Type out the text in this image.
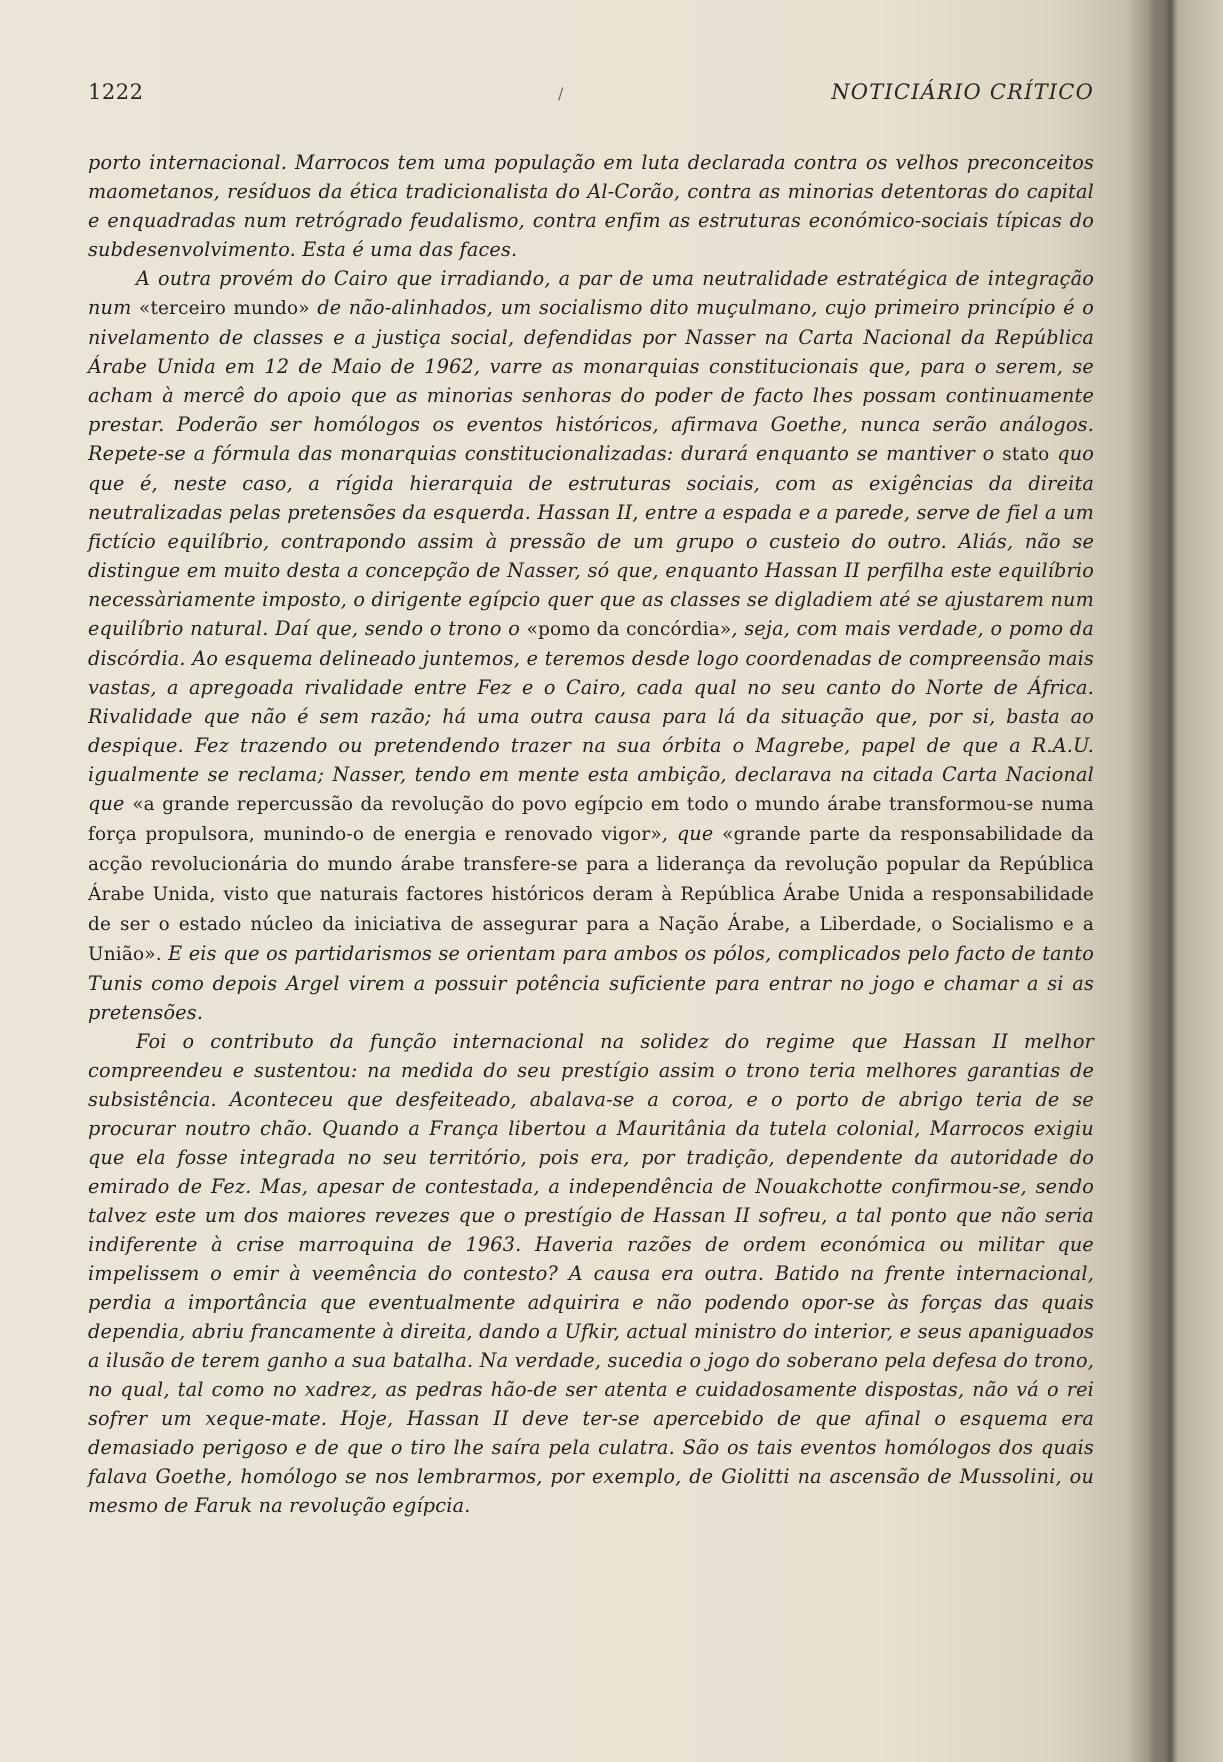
1222	/	NOTICIÁRIO CRÍTICO

porto internacional. Marrocos tem uma população em luta declarada contra os velhos preconceitos maometanos, resíduos da ética tradicionalista do Al-Corão, contra as minorias detentoras do capital e enquadradas num retrógrado feudalismo, contra enfim as estruturas económico-sociais típicas do subdesenvolvimento. Esta é uma das faces.

A outra provém do Cairo que irradiando, a par de uma neutralidade estratégica de integração num «terceiro mundo» de não-alinhados, um socialismo dito muçulmano, cujo primeiro princípio é o nivelamento de classes e a justiça social, defendidas por Nasser na Carta Nacional da República Árabe Unida em 12 de Maio de 1962, varre as monarquias constitucionais que, para o serem, se acham à mercê do apoio que as minorias senhoras do poder de facto lhes possam continuamente prestar. Poderão ser homólogos os eventos históricos, afirmava Goethe, nunca serão análogos. Repete-se a fórmula das monarquias constitucionalizadas: durará enquanto se mantiver o stato quo que é, neste caso, a rígida hierarquia de estruturas sociais, com as exigências da direita neutralizadas pelas pretensões da esquerda. Hassan II, entre a espada e a parede, serve de fiel a um fictício equilíbrio, contrapondo assim à pressão de um grupo o custeio do outro. Aliás, não se distingue em muito desta a concepção de Nasser, só que, enquanto Hassan II perfilha este equilíbrio necessàriamente imposto, o dirigente egípcio quer que as classes se digladiem até se ajustarem num equilíbrio natural. Daí que, sendo o trono o «pomo da concórdia», seja, com mais verdade, o pomo da discórdia. Ao esquema delineado juntemos, e teremos desde logo coordenadas de compreensão mais vastas, a apregoada rivalidade entre Fez e o Cairo, cada qual no seu canto do Norte de África. Rivalidade que não é sem razão; há uma outra causa para lá da situação que, por si, basta ao despique. Fez trazendo ou pretendendo trazer na sua órbita o Magrebe, papel de que a R.A.U. igualmente se reclama; Nasser, tendo em mente esta ambição, declarava na citada Carta Nacional que «a grande repercussão da revolução do povo egípcio em todo o mundo árabe transformou-se numa força propulsora, munindo-o de energia e renovado vigor», que «grande parte da responsabilidade da acção revolucionária do mundo árabe transfere-se para a liderança da revolução popular da República Árabe Unida, visto que naturais factores históricos deram à República Árabe Unida a responsabilidade de ser o estado núcleo da iniciativa de assegurar para a Nação Árabe, a Liberdade, o Socialismo e a União». E eis que os partidarismos se orientam para ambos os pólos, complicados pelo facto de tanto Tunis como depois Argel virem a possuir potência suficiente para entrar no jogo e chamar a si as pretensões.

Foi o contributo da função internacional na solidez do regime que Hassan II melhor compreendeu e sustentou: na medida do seu prestígio assim o trono teria melhores garantias de subsistência. Aconteceu que desfeiteado, abalava-se a coroa, e o porto de abrigo teria de se procurar noutro chão. Quando a França libertou a Mauritânia da tutela colonial, Marrocos exigiu que ela fosse integrada no seu território, pois era, por tradição, dependente da autoridade do emirado de Fez. Mas, apesar de contestada, a independência de Nouakchotte confirmou-se, sendo talvez este um dos maiores revezes que o prestígio de Hassan II sofreu, a tal ponto que não seria indiferente à crise marroquina de 1963. Haveria razões de ordem económica ou militar que impelissem o emir à veemência do contesto? A causa era outra. Batido na frente internacional, perdia a importância que eventualmente adquirira e não podendo opor-se às forças das quais dependia, abriu francamente à direita, dando a Ufkir, actual ministro do interior, e seus apaniguados a ilusão de terem ganho a sua batalha. Na verdade, sucedia o jogo do soberano pela defesa do trono, no qual, tal como no xadrez, as pedras hão-de ser atenta e cuidadosamente dispostas, não vá o rei sofrer um xeque-mate. Hoje, Hassan II deve ter-se apercebido de que afinal o esquema era demasiado perigoso e de que o tiro lhe saíra pela culatra. São os tais eventos homólogos dos quais falava Goethe, homólogo se nos lembrarmos, por exemplo, de Giolitti na ascensão de Mussolini, ou mesmo de Faruk na revolução egípcia.
